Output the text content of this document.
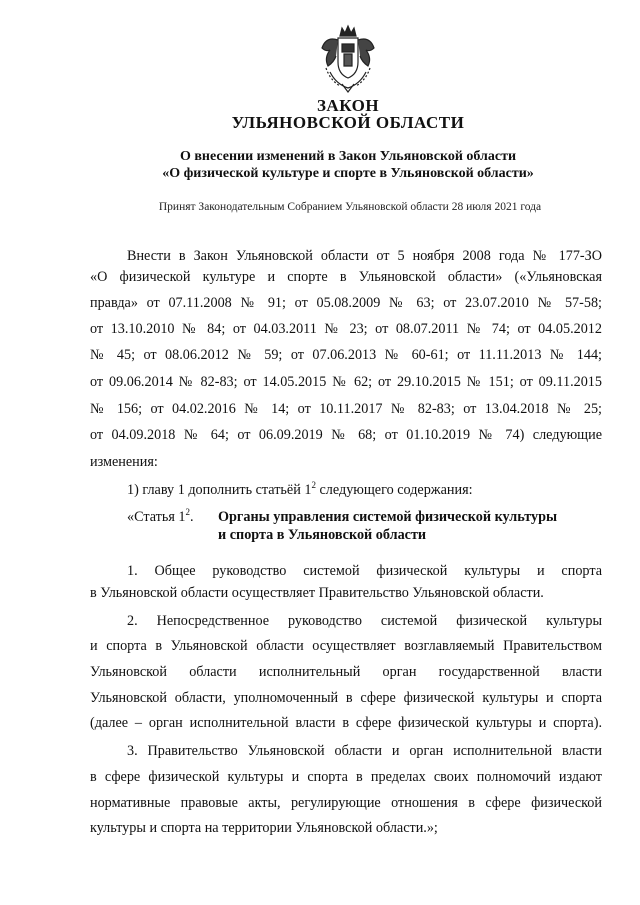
ЗАКОН
УЛЬЯНОВСКОЙ ОБЛАСТИ
О внесении изменений в Закон Ульяновской области
«О физической культуре и спорте в Ульяновской области»
Принят Законодательным Собранием Ульяновской области 28 июля 2021 года
Внести в Закон Ульяновской области от 5 ноября 2008 года № 177-ЗО
«О физической культуре и спорте в Ульяновской области» («Ульяновская
правда» от 07.11.2008 № 91; от 05.08.2009 № 63; от 23.07.2010 № 57-58;
от 13.10.2010 № 84; от 04.03.2011 № 23; от 08.07.2011 № 74; от 04.05.2012
№ 45; от 08.06.2012 № 59; от 07.06.2013 № 60-61; от 11.11.2013 № 144;
от 09.06.2014 № 82-83; от 14.05.2015 № 62; от 29.10.2015 № 151; от 09.11.2015
№ 156; от 04.02.2016 № 14; от 10.11.2017 № 82-83; от 13.04.2018 № 25;
от 04.09.2018 № 64; от 06.09.2019 № 68; от 01.10.2019 № 74) следующие
изменения:
1) главу 1 дополнить статьёй $1^2$ следующего содержания:
«Статья $1^2$. Органы управления системой физической культуры
и спорта в Ульяновской области
1. Общее руководство системой физической культуры и спорта
в Ульяновской области осуществляет Правительство Ульяновской области.
2. Непосредственное руководство системой физической культуры
и спорта в Ульяновской области осуществляет возглавляемый Правительством
Ульяновской области исполнительный орган государственной власти
Ульяновской области, уполномоченный в сфере физической культуры и спорта
(далее – орган исполнительной власти в сфере физической культуры и спорта).
3. Правительство Ульяновской области и орган исполнительной власти
в сфере физической культуры и спорта в пределах своих полномочий издают
нормативные правовые акты, регулирующие отношения в сфере физической
культуры и спорта на территории Ульяновской области.»;
